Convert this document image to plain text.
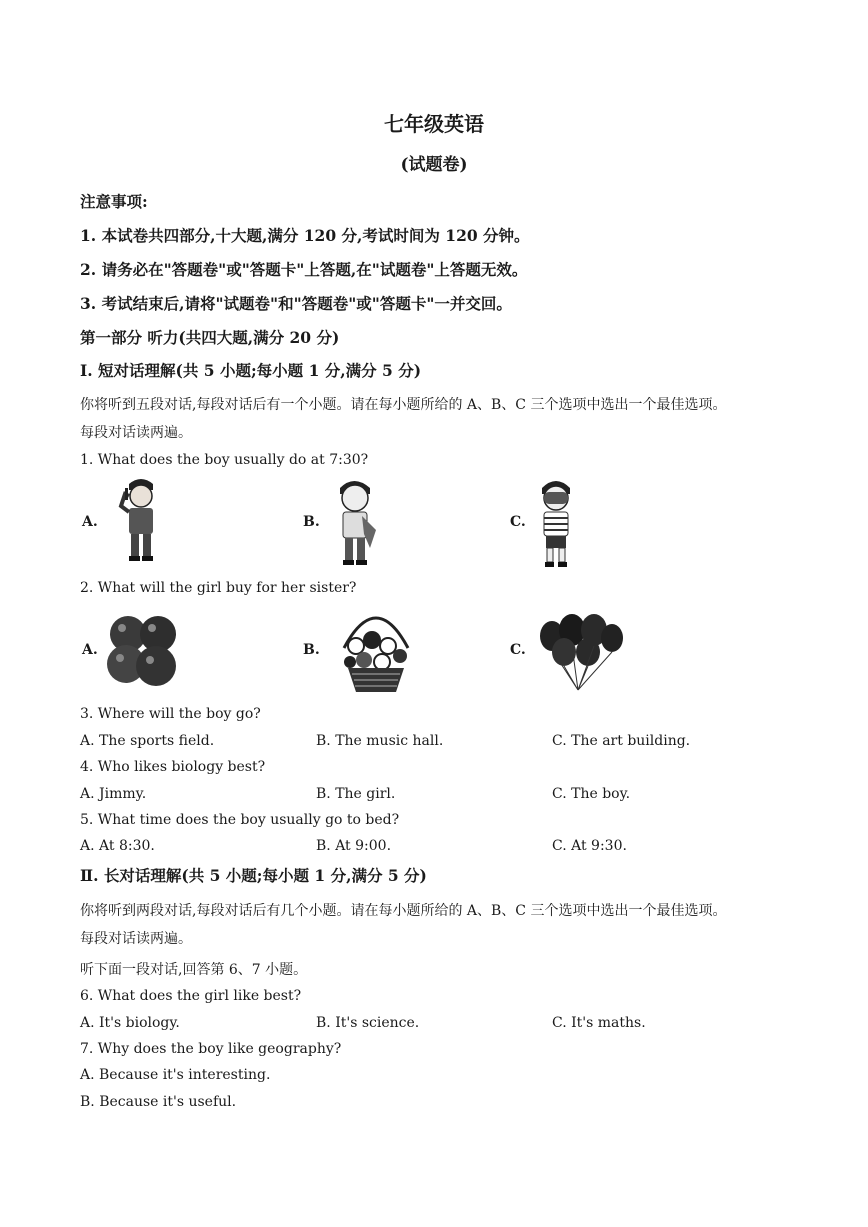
七年级英语
(试题卷)
注意事项:
1. 本试卷共四部分,十大题,满分 120 分,考试时间为 120 分钟。
2. 请务必在"答题卷"或"答题卡"上答题,在"试题卷"上答题无效。
3. 考试结束后,请将"试题卷"和"答题卷"或"答题卡"一并交回。
第一部分 听力(共四大题,满分 20 分)
Ⅰ. 短对话理解(共 5 小题;每小题 1 分,满分 5 分)
你将听到五段对话,每段对话后有一个小题。请在每小题所给的 A、B、C 三个选项中选出一个最佳选项。
每段对话读两遍。
1. What does the boy usually do at 7:30?
A.	B.	C.
2. What will the girl buy for her sister?
A.	B.	C.
3. Where will the boy go?
A. The sports field.	B. The music hall.	C. The art building.
4. Who likes biology best?
A. Jimmy.	B. The girl.	C. The boy.
5. What time does the boy usually go to bed?
A. At 8:30.	B. At 9:00.	C. At 9:30.
Ⅱ. 长对话理解(共 5 小题;每小题 1 分,满分 5 分)
你将听到两段对话,每段对话后有几个小题。请在每小题所给的 A、B、C 三个选项中选出一个最佳选项。
每段对话读两遍。
听下面一段对话,回答第 6、7 小题。
6. What does the girl like best?
A. It's biology.	B. It's science.	C. It's maths.
7. Why does the boy like geography?
A. Because it's interesting.
B. Because it's useful.
